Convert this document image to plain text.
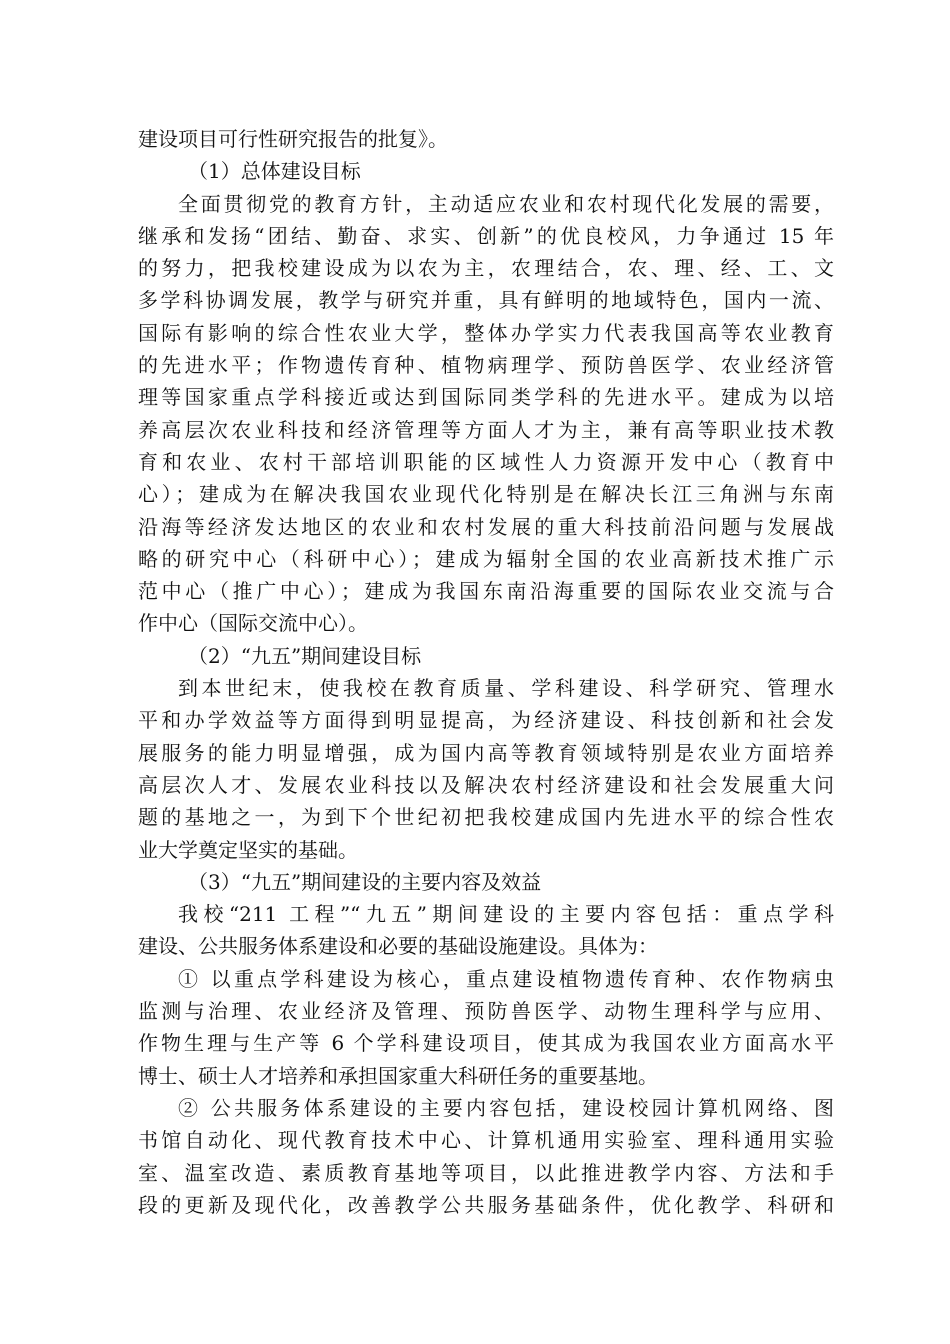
建设项目可行性研究报告的批复》。
（1）总体建设目标
全面贯彻党的教育方针，主动适应农业和农村现代化发展的需要，
继承和发扬“团结、勤奋、求实、创新”的优良校风，力争通过 15 年
的努力，把我校建设成为以农为主，农理结合，农、理、经、工、文
多学科协调发展，教学与研究并重，具有鲜明的地域特色，国内一流、
国际有影响的综合性农业大学，整体办学实力代表我国高等农业教育
的先进水平；作物遗传育种、植物病理学、预防兽医学、农业经济管
理等国家重点学科接近或达到国际同类学科的先进水平。建成为以培
养高层次农业科技和经济管理等方面人才为主，兼有高等职业技术教
育和农业、农村干部培训职能的区域性人力资源开发中心（教育中
心）；建成为在解决我国农业现代化特别是在解决长江三角洲与东南
沿海等经济发达地区的农业和农村发展的重大科技前沿问题与发展战
略的研究中心（科研中心）；建成为辐射全国的农业高新技术推广示
范中心（推广中心）；建成为我国东南沿海重要的国际农业交流与合
作中心（国际交流中心）。
（2）“九五”期间建设目标
到本世纪末，使我校在教育质量、学科建设、科学研究、管理水
平和办学效益等方面得到明显提高，为经济建设、科技创新和社会发
展服务的能力明显增强，成为国内高等教育领域特别是农业方面培养
高层次人才、发展农业科技以及解决农村经济建设和社会发展重大问
题的基地之一，为到下个世纪初把我校建成国内先进水平的综合性农
业大学奠定坚实的基础。
（3）“九五”期间建设的主要内容及效益
我校“211 工程”“九五”期间建设的主要内容包括：重点学科
建设、公共服务体系建设和必要的基础设施建设。具体为：
① 以重点学科建设为核心，重点建设植物遗传育种、农作物病虫
监测与治理、农业经济及管理、预防兽医学、动物生理科学与应用、
作物生理与生产等 6 个学科建设项目，使其成为我国农业方面高水平
博士、硕士人才培养和承担国家重大科研任务的重要基地。
② 公共服务体系建设的主要内容包括，建设校园计算机网络、图
书馆自动化、现代教育技术中心、计算机通用实验室、理科通用实验
室、温室改造、素质教育基地等项目，以此推进教学内容、方法和手
段的更新及现代化，改善教学公共服务基础条件，优化教学、科研和
